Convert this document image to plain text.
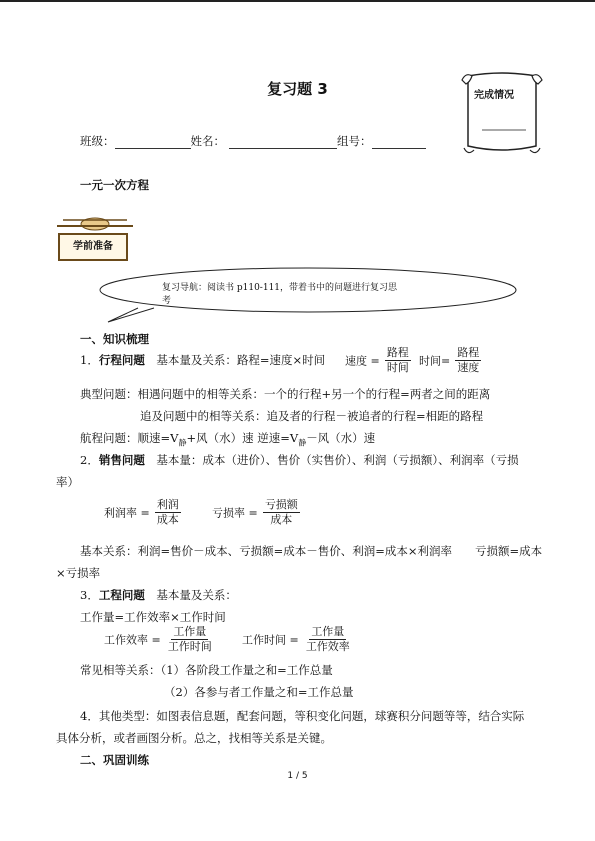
复习题 3	完成情况
班级：	姓名：	组号：
一元一次方程
学前准备
复习导航：阅读书 p110-111，带着书中的问题进行复习思
考
一、知识梳理
1．行程问题　 基本量及关系：路程=速度×时间 速度 = $\frac{\text{路程}}{\text{时间}}$ 时间= $\frac{\text{路程}}{\text{速度}}$
典型问题：相遇问题中的相等关系：一个的行程+另一个的行程=两者之间的距离
追及问题中的相等关系：追及者的行程－被追者的行程=相距的路程
航程问题：顺速$=V_静+$风（水）速 逆速$=V_静-$风（水）速
2．销售问题　 基本量：成本（进价）、售价（实售价）、利润（亏损额）、利润率（亏损
率）
利润率 = $\frac{\text{利润}}{\text{成本}}$	亏损率 = $\frac{\text{亏损额}}{\text{成本}}$
基本关系：利润=售价－成本、亏损额=成本－售价、利润=成本×利润率　　亏损额=成本
×亏损率
3．工程问题　 基本量及关系：
工作量=工作效率×工作时间
工作效率 = $\frac{\text{工作量}}{\text{工作时间}}$	工作时间 = $\frac{\text{工作量}}{\text{工作效率}}$
常见相等关系：（1）各阶段工作量之和=工作总量
（2）各参与者工作量之和=工作总量
4．其他类型：如图表信息题，配套问题，等积变化问题，球赛积分问题等等，结合实际
具体分析，或者画图分析。总之，找相等关系是关键。
二、巩固训练
1 / 5
